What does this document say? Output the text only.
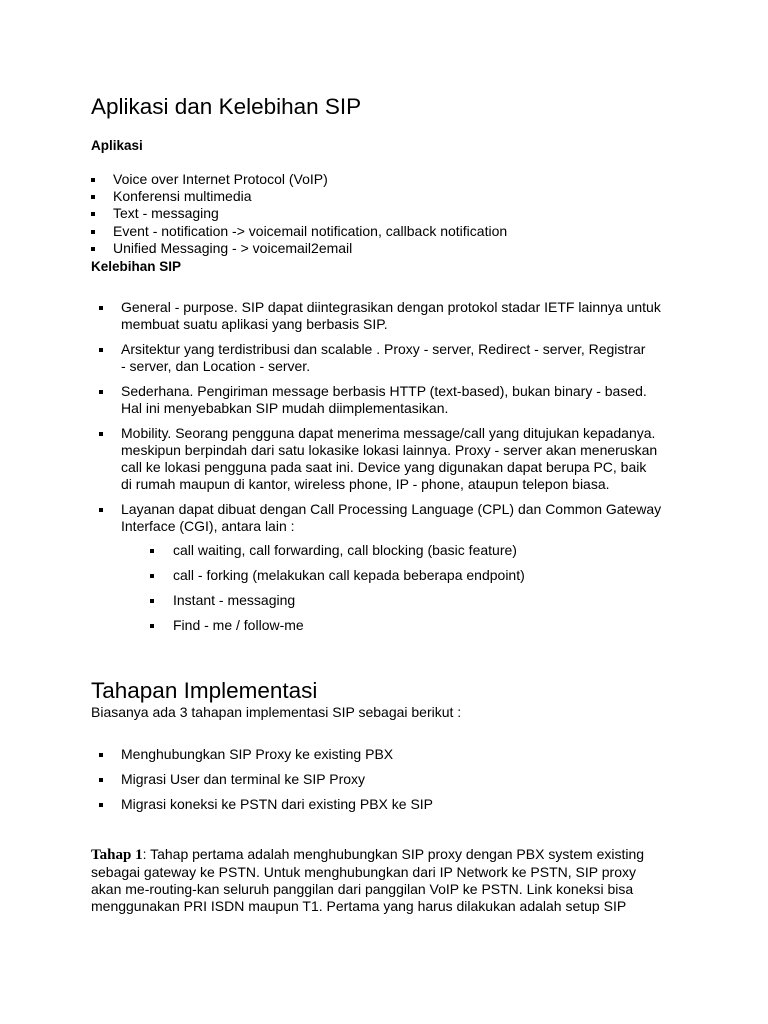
Aplikasi dan Kelebihan SIP
Aplikasi
Voice over Internet Protocol (VoIP)
Konferensi multimedia
Text - messaging
Event - notification -> voicemail notification, callback notification
Unified Messaging - > voicemail2email
Kelebihan SIP
General - purpose. SIP dapat diintegrasikan dengan protokol stadar IETF lainnya untuk
membuat suatu aplikasi yang berbasis SIP.
Arsitektur yang terdistribusi dan scalable . Proxy - server, Redirect - server, Registrar
- server, dan Location - server.
Sederhana. Pengiriman message berbasis HTTP (text-based), bukan binary - based.
Hal ini menyebabkan SIP mudah diimplementasikan.
Mobility. Seorang pengguna dapat menerima message/call yang ditujukan kepadanya.
meskipun berpindah dari satu lokasike lokasi lainnya. Proxy - server akan meneruskan
call ke lokasi pengguna pada saat ini. Device yang digunakan dapat berupa PC, baik
di rumah maupun di kantor, wireless phone, IP - phone, ataupun telepon biasa.
Layanan dapat dibuat dengan Call Processing Language (CPL) dan Common Gateway
Interface (CGI), antara lain :
call waiting, call forwarding, call blocking (basic feature)
call - forking (melakukan call kepada beberapa endpoint)
Instant - messaging
Find - me / follow-me
Tahapan Implementasi

Biasanya ada 3 tahapan implementasi SIP sebagai berikut :

Menghubungkan SIP Proxy ke existing PBX
Migrasi User dan terminal ke SIP Proxy
Migrasi koneksi ke PSTN dari existing PBX ke SIP
Tahap 1: Tahap pertama adalah menghubungkan SIP proxy dengan PBX system existing
sebagai gateway ke PSTN. Untuk menghubungkan dari IP Network ke PSTN, SIP proxy
akan me-routing-kan seluruh panggilan dari panggilan VoIP ke PSTN. Link koneksi bisa
menggunakan PRI ISDN maupun T1. Pertama yang harus dilakukan adalah setup SIP
